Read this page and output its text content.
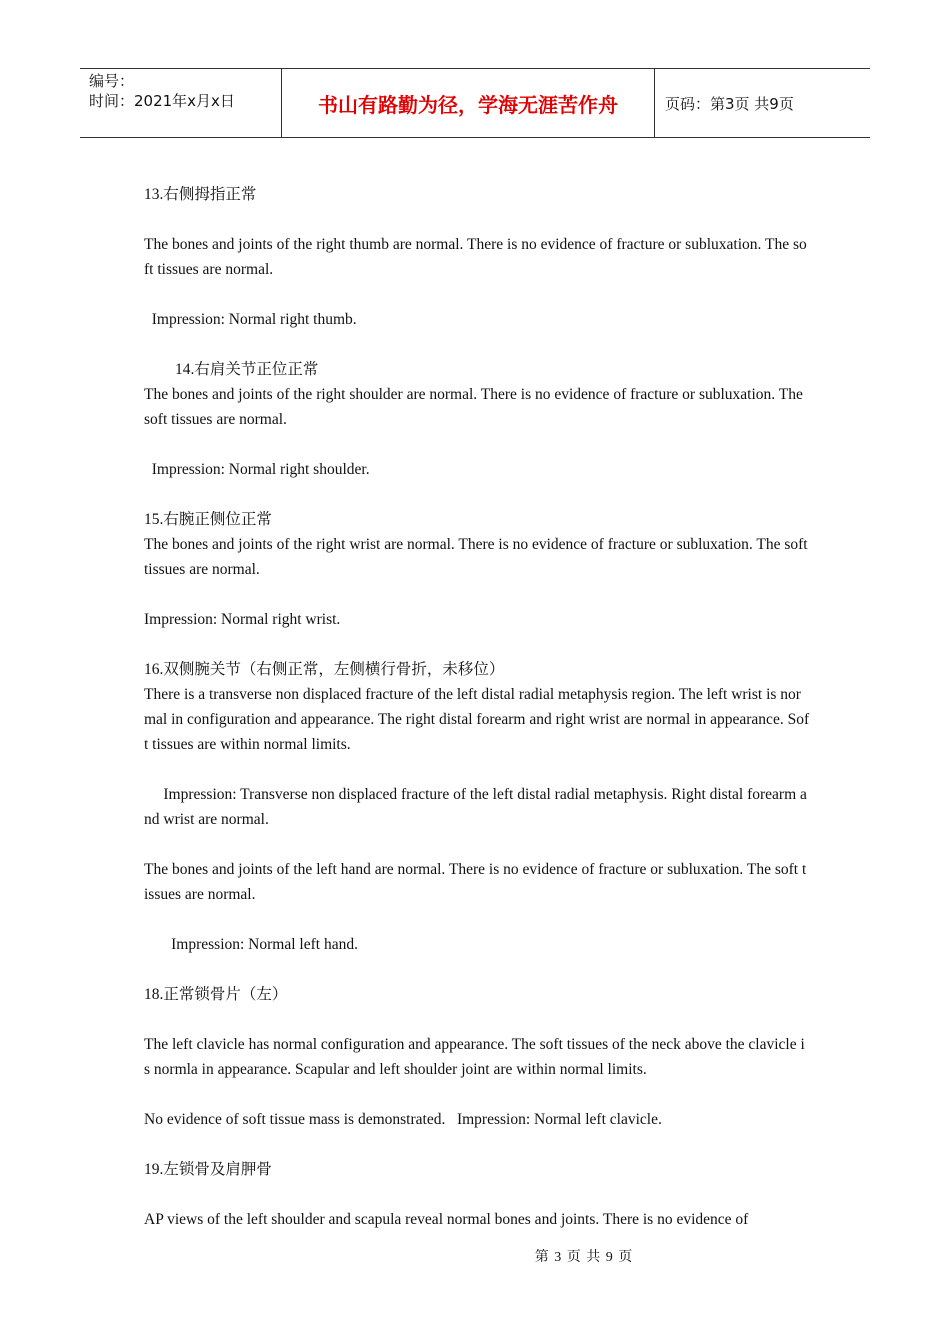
编号：
时间：2021年x月x日	书山有路勤为径，学海无涯苦作舟	页码：第3页 共9页

13.右侧拇指正常

The bones and joints of the right thumb are normal. There is no evidence of fracture or subluxation. The soft tissues are normal.

Impression: Normal right thumb.

14.右肩关节正位正常

The bones and joints of the right shoulder are normal. There is no evidence of fracture or subluxation. The soft tissues are normal.

Impression: Normal right shoulder.

15.右腕正侧位正常

The bones and joints of the right wrist are normal. There is no evidence of fracture or subluxation. The soft tissues are normal.

Impression: Normal right wrist.

16.双侧腕关节（右侧正常，左侧横行骨折，未移位）

There is a transverse non displaced fracture of the left distal radial metaphysis region. The left wrist is normal in configuration and appearance. The right distal forearm and right wrist are normal in appearance. Soft tissues are within normal limits.

Impression: Transverse non displaced fracture of the left distal radial metaphysis. Right distal forearm and wrist are normal.

The bones and joints of the left hand are normal. There is no evidence of fracture or subluxation. The soft tissues are normal.

Impression: Normal left hand.

18.正常锁骨片（左）

The left clavicle has normal configuration and appearance. The soft tissues of the neck above the clavicle is normla in appearance. Scapular and left shoulder joint are within normal limits.

No evidence of soft tissue mass is demonstrated.   Impression: Normal left clavicle.

19.左锁骨及肩胛骨

AP views of the left shoulder and scapula reveal normal bones and joints. There is no evidence of

第 3 页 共 9 页
